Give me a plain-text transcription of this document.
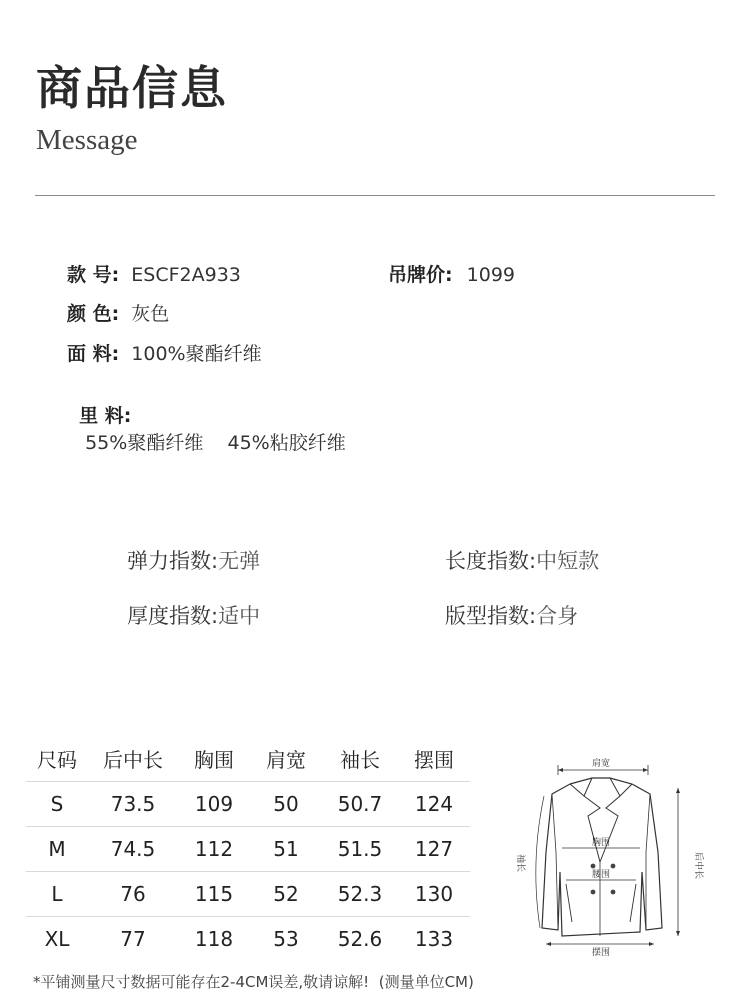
商品信息
Message
款 号: ESCF2A933	吊牌价: 1099
颜 色: 灰色
面 料: 100%聚酯纤维

里 料:
55%聚酯纤维    45%粘胶纤维

弹力指数:无弹	长度指数:中短款
厚度指数:适中	版型指数:合身
尺码	后中长	胸围	肩宽	袖长	摆围
S	73.5	109	50	50.7	124
M	74.5	112	51	51.5	127
L	76	115	52	52.3	130
XL	77	118	53	52.6	133
肩宽
胸围
腰围
摆围
袖长	后中长
*平铺测量尺寸数据可能存在2-4CM误差,敬请谅解!  (测量单位CM)
